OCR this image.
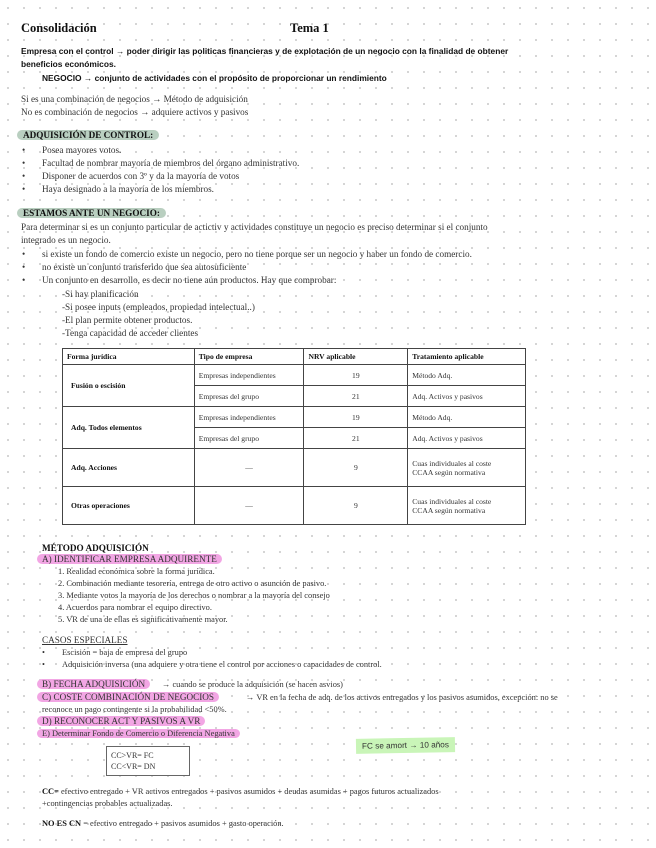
Consolidación	Tema 1
Empresa con el control → poder dirigir las politicas financieras y de explotación de un negocio con la finalidad de obtener
beneficios económicos.
NEGOCIO → conjunto de actividades con el propósito de proporcionar un rendimiento
Si es una combinación de negocios → Método de adquisición
No es combinación de negocios → adquiere activos y pasivos
ADQUISICIÓN DE CONTROL:
• Posea mayores votos.
• Facultad de nombrar mayoría de miembros del órgano administrativo.
• Disponer de acuerdos con 3º y da la mayoría de votos
• Haya designado a la mayoría de los miembros.
ESTAMOS ANTE UN NEGOCIO:
Para determinar si es un conjunto particular de actictiv y actividades constituye un negocio es preciso determinar si el conjunto
integrado es un negocio.
• si existe un fondo de comercio existe un negocio, pero no tiene porque ser un negocio y haber un fondo de comercio.
• no existe un conjunto transferido que sea autosuficiente
• Un conjunto en desarrollo, es decir no tiene aún productos. Hay que comprobar:
-Si hay planificación
-Si posee inputs (empleados, propiedad intelectual..)
-El plan permite obtener productos.
-Tenga capacidad de acceder clientes
Forma jurídica	Tipo de empresa	NRV aplicable	Tratamiento aplicable
Fusión o escisión	Empresas independientes	19	Método Adq.
	Empresas del grupo	21	Adq. Activos y pasivos
Adq. Todos elementos	Empresas independientes	19	Método Adq.
	Empresas del grupo	21	Adq. Activos y pasivos
Adq. Acciones	—	9	Cuas individuales al coste
CCAA según normativa

Otras operaciones	—	9	Cuas individuales al coste
CCAA según normativa
MÉTODO ADQUISICIÓN
A) IDENTIFICAR EMPRESA ADQUIRENTE
1. Realidad económica sobre la forma jurídica.
2. Combinación mediante tesorería, entrega de otro activo o asunción de pasivo.
3. Mediante votos la mayoría de los derechos o nombrar a la mayoría del consejo
4. Acuerdos para nombrar el equipo directivo.
5. VR de una de ellas es significativamente mayor.
CASOS ESPECIALES
• Escisión = baja de empresa del grupo
• Adquisición inversa (una adquiere y otra tiene el control por acciones o capacidades de control.
B) FECHA ADQUISICIÓN	→ cuando se produce la adquisición (se hacen asvios)
C) COSTE COMBINACIÓN DE NEGOCIOS	→ VR en la fecha de adq. de los activos entregados y los pasivos asumidos, excepción: no se
reconoce un pago contingente si la probabilidad <50%.
D) RECONOCER ACT Y PASIVOS A VR
E) Determinar Fondo de Comercio o Diferencia Negativa
CC>VR= FC
CC<VR= DN
FC se amort → 10 años
CC= efectivo entregado + VR activos entregados + pasivos asumidos + deudas asumidas + pagos futuros actualizados
+contingencias probables actualizadas.
NO ES CN = efectivo entregado + pasivos asumidos + gasto operación.
